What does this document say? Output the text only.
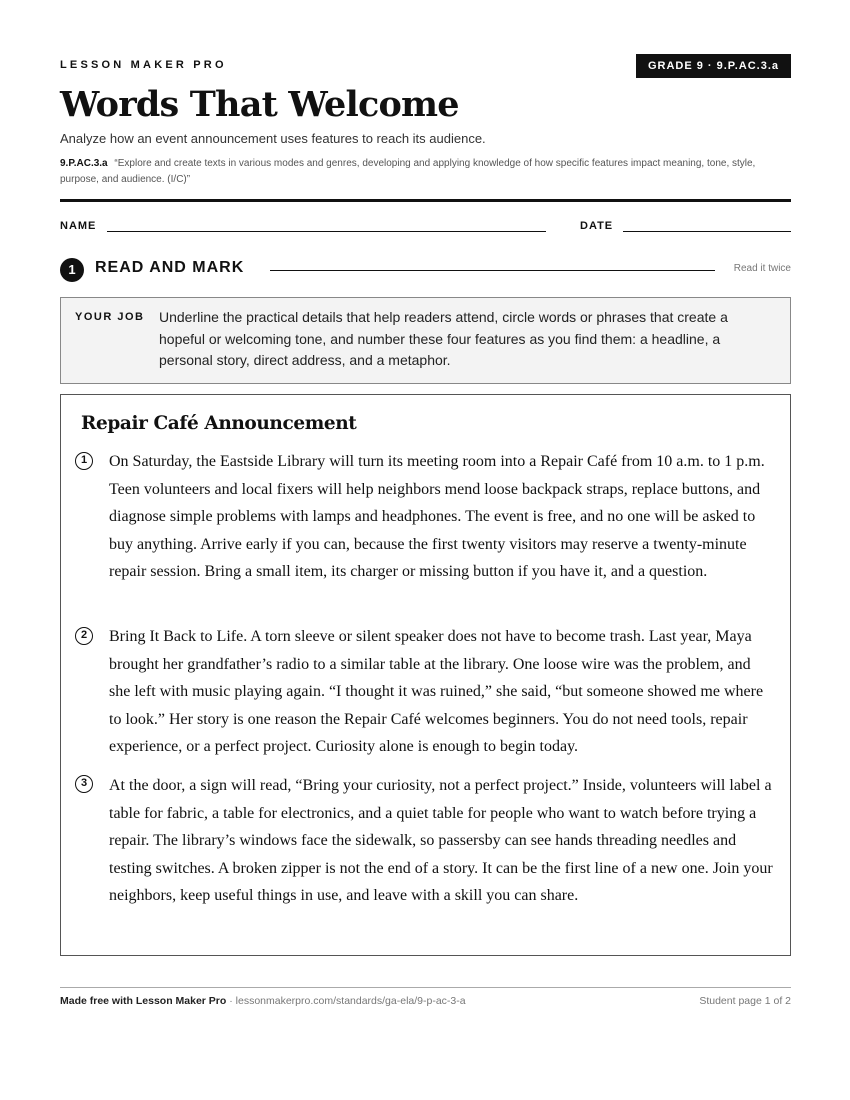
LESSON MAKER PRO	GRADE 9 · 9.P.AC.3.a
Words That Welcome
Analyze how an event announcement uses features to reach its audience.
9.P.AC.3.a “Explore and create texts in various modes and genres, developing and applying knowledge of how specific features impact meaning, tone, style, purpose, and audience. (I/C)”
NAME	DATE
1	READ AND MARK	Read it twice
YOUR JOB Underline the practical details that help readers attend, circle words or phrases that create a hopeful or welcoming tone, and number these four features as you find them: a headline, a personal story, direct address, and a metaphor.
Repair Café Announcement
1	On Saturday, the Eastside Library will turn its meeting room into a Repair Café from 10 a.m. to 1 p.m. Teen volunteers and local fixers will help neighbors mend loose backpack straps, replace buttons, and diagnose simple problems with lamps and headphones. The event is free, and no one will be asked to buy anything. Arrive early if you can, because the first twenty visitors may reserve a twenty-minute repair session. Bring a small item, its charger or missing button if you have it, and a question.
2	Bring It Back to Life. A torn sleeve or silent speaker does not have to become trash. Last year, Maya brought her grandfather’s radio to a similar table at the library. One loose wire was the problem, and she left with music playing again. “I thought it was ruined,” she said, “but someone showed me where to look.” Her story is one reason the Repair Café welcomes beginners. You do not need tools, repair experience, or a perfect project. Curiosity alone is enough to begin today.
3	At the door, a sign will read, “Bring your curiosity, not a perfect project.” Inside, volunteers will label a table for fabric, a table for electronics, and a quiet table for people who want to watch before trying a repair. The library’s windows face the sidewalk, so passersby can see hands threading needles and testing switches. A broken zipper is not the end of a story. It can be the first line of a new one. Join your neighbors, keep useful things in use, and leave with a skill you can share.
Made free with Lesson Maker Pro · lessonmakerpro.com/standards/ga-ela/9-p-ac-3-a	Student page 1 of 2
